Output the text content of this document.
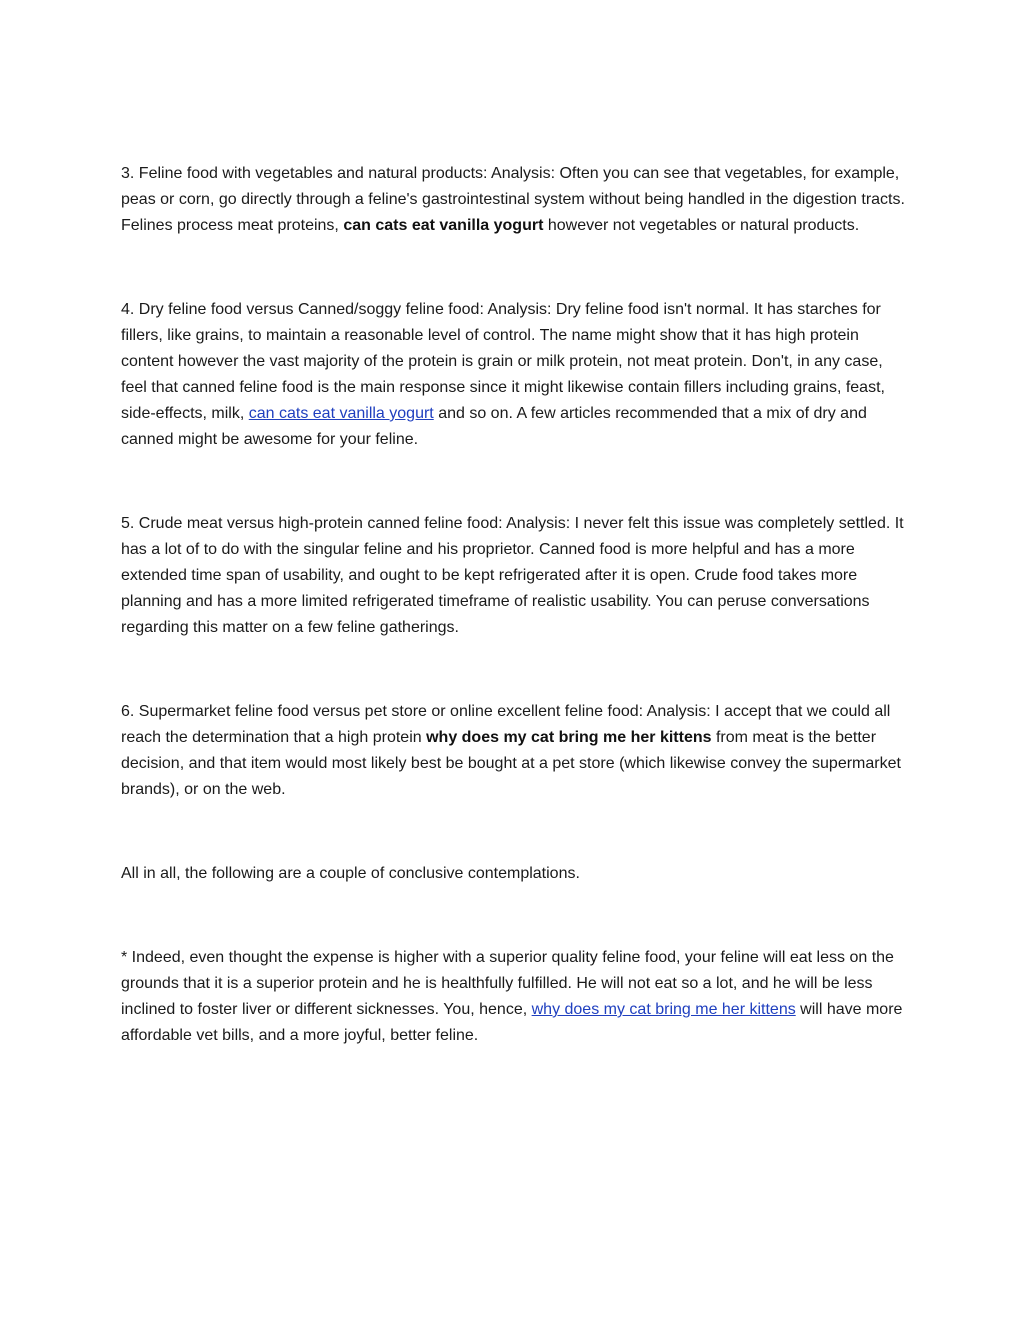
3. Feline food with vegetables and natural products: Analysis: Often you can see that vegetables, for example, peas or corn, go directly through a feline's gastrointestinal system without being handled in the digestion tracts. Felines process meat proteins, can cats eat vanilla yogurt however not vegetables or natural products.

4. Dry feline food versus Canned/soggy feline food: Analysis: Dry feline food isn't normal. It has starches for fillers, like grains, to maintain a reasonable level of control. The name might show that it has high protein content however the vast majority of the protein is grain or milk protein, not meat protein. Don't, in any case, feel that canned feline food is the main response since it might likewise contain fillers including grains, feast, side-effects, milk, can cats eat vanilla yogurt and so on. A few articles recommended that a mix of dry and canned might be awesome for your feline.

5. Crude meat versus high-protein canned feline food: Analysis: I never felt this issue was completely settled. It has a lot of to do with the singular feline and his proprietor. Canned food is more helpful and has a more extended time span of usability, and ought to be kept refrigerated after it is open. Crude food takes more planning and has a more limited refrigerated timeframe of realistic usability. You can peruse conversations regarding this matter on a few feline gatherings.

6. Supermarket feline food versus pet store or online excellent feline food: Analysis: I accept that we could all reach the determination that a high protein why does my cat bring me her kittens from meat is the better decision, and that item would most likely best be bought at a pet store (which likewise convey the supermarket brands), or on the web.

All in all, the following are a couple of conclusive contemplations.

* Indeed, even thought the expense is higher with a superior quality feline food, your feline will eat less on the grounds that it is a superior protein and he is healthfully fulfilled. He will not eat so a lot, and he will be less inclined to foster liver or different sicknesses. You, hence, why does my cat bring me her kittens will have more affordable vet bills, and a more joyful, better feline.
